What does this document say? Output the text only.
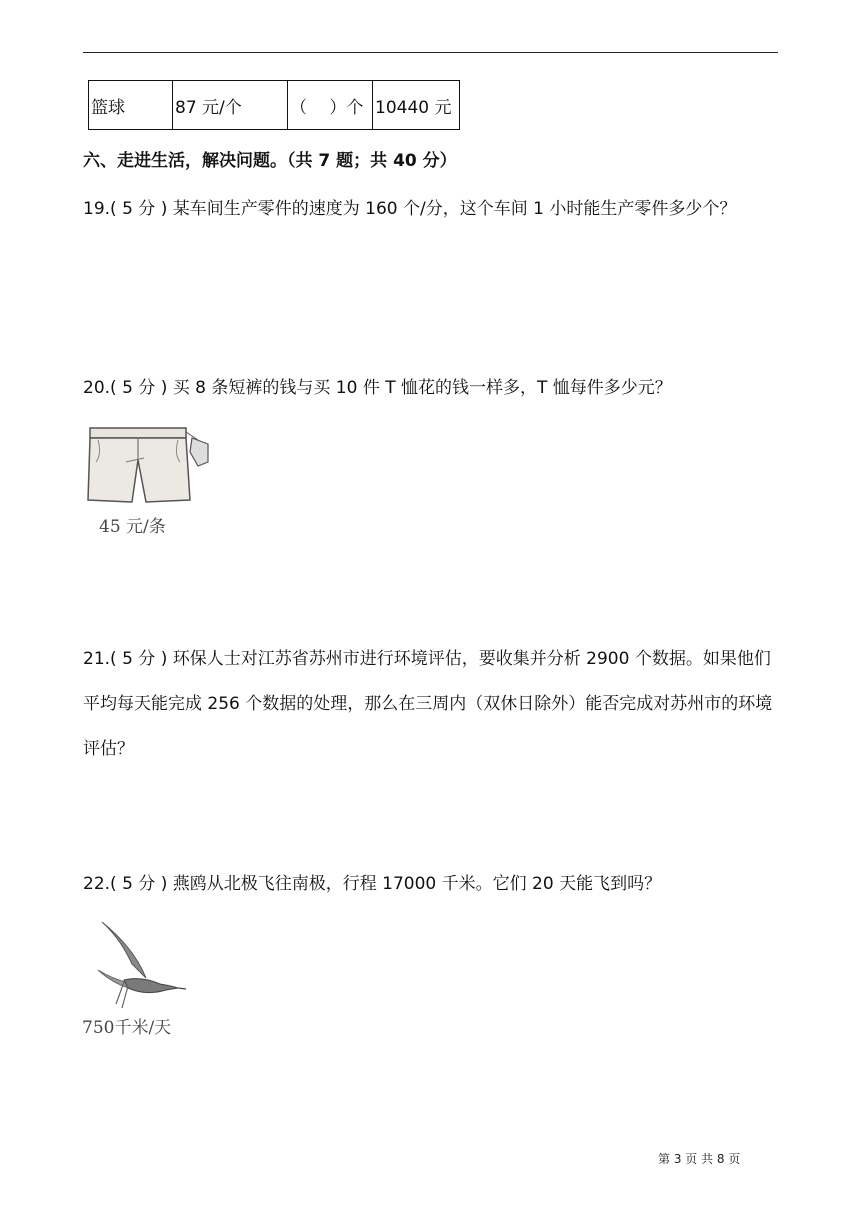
篮球	87 元/个	（　 ）个	10440 元
六、走进生活，解决问题。（共 7 题；共 40 分）
19.( 5 分 ) 某车间生产零件的速度为 160 个/分，这个车间 1 小时能生产零件多少个？
20.( 5 分 ) 买 8 条短裤的钱与买 10 件 T 恤花的钱一样多，T 恤每件多少元？
45 元/条
21.( 5 分 ) 环保人士对江苏省苏州市进行环境评估，要收集并分析 2900 个数据。如果他们平均每天能完成 256 个数据的处理，那么在三周内（双休日除外）能否完成对苏州市的环境评估？
22.( 5 分 ) 燕鸥从北极飞往南极，行程 17000 千米。它们 20 天能飞到吗？
750千米/天
第 3 页 共 8 页
